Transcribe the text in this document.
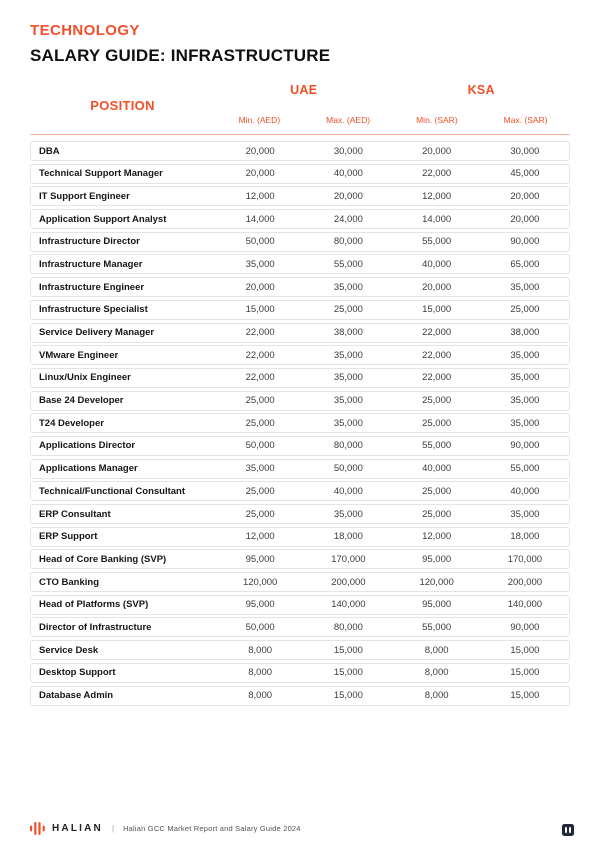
TECHNOLOGY
SALARY GUIDE: INFRASTRUCTURE
POSITION
UAE	KSA
Min. (AED)	Max. (AED)	Min. (SAR)	Max. (SAR)
DBA	20,000	30,000	20,000	30,000
Technical Support Manager	20,000	40,000	22,000	45,000
IT Support Engineer	12,000	20,000	12,000	20,000
Application Support Analyst	14,000	24,000	14,000	20,000
Infrastructure Director	50,000	80,000	55,000	90,000
Infrastructure Manager	35,000	55,000	40,000	65,000
Infrastructure Engineer	20,000	35,000	20,000	35,000
Infrastructure Specialist	15,000	25,000	15,000	25,000
Service Delivery Manager	22,000	38,000	22,000	38,000
VMware Engineer	22,000	35,000	22,000	35,000
Linux/Unix Engineer	22,000	35,000	22,000	35,000
Base 24 Developer	25,000	35,000	25,000	35,000
T24 Developer	25,000	35,000	25,000	35,000
Applications Director	50,000	80,000	55,000	90,000
Applications Manager	35,000	50,000	40,000	55,000
Technical/Functional Consultant	25,000	40,000	25,000	40,000
ERP Consultant	25,000	35,000	25,000	35,000
ERP Support	12,000	18,000	12,000	18,000
Head of Core Banking (SVP)	95,000	170,000	95,000	170,000
CTO Banking	120,000	200,000	120,000	200,000
Head of Platforms (SVP)	95,000	140,000	95,000	140,000
Director of Infrastructure	50,000	80,000	55,000	90,000
Service Desk	8,000	15,000	8,000	15,000
Desktop Support	8,000	15,000	8,000	15,000
Database Admin	8,000	15,000	8,000	15,000
HALIAN | Halian GCC Market Report and Salary Guide 2024
